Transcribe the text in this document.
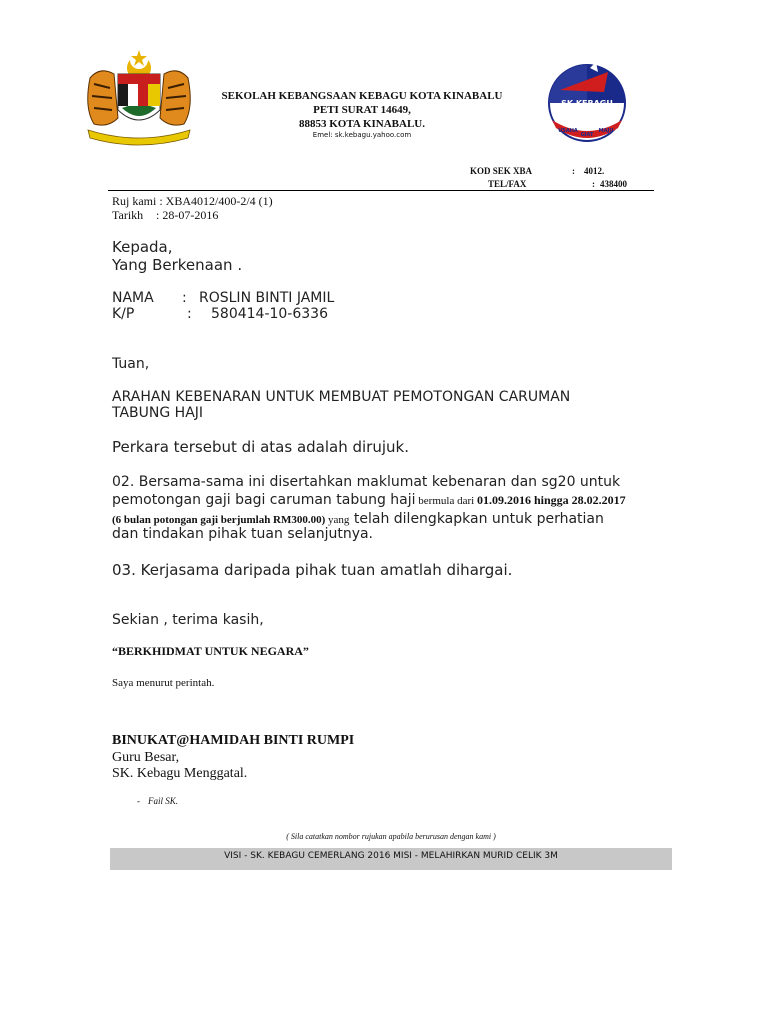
SEKOLAH KEBANGSAAN KEBAGU KOTA KINABALU
PETI SURAT 14649,
88853 KOTA KINABALU.
Emel: sk.kebagu.yahoo.com
SK KEBAGU
USAHA
GIAT
MAJU
KOD SEK XBA	: 4012.
TEL/FAX	: 438400
Ruj kami : XBA4012/400-2/4 (1)
Tarikh : 28-07-2016
Kepada,
Yang Berkenaan .
NAMA : ROSLIN BINTI JAMIL
K/P	: 580414-10-6336
Tuan,
ARAHAN KEBENARAN UNTUK MEMBUAT PEMOTONGAN CARUMAN
TABUNG HAJI
Perkara tersebut di atas adalah dirujuk.
02. Bersama-sama ini disertahkan maklumat kebenaran dan sg20 untuk
pemotongan gaji bagi caruman tabung haji bermula dari 01.09.2016 hingga 28.02.2017
(6 bulan potongan gaji berjumlah RM300.00) yang telah dilengkapkan untuk perhatian
dan tindakan pihak tuan selanjutnya.
03. Kerjasama daripada pihak tuan amatlah dihargai.
Sekian , terima kasih,
“BERKHIDMAT UNTUK NEGARA”
Saya menurut perintah.
BINUKAT@HAMIDAH BINTI RUMPI
Guru Besar,
SK. Kebagu Menggatal.
- Fail SK.
( Sila catatkan nombor rujukan apabila berurusan dengan kami )
VISI - SK. KEBAGU CEMERLANG 2016 MISI - MELAHIRKAN MURID CELIK 3M
